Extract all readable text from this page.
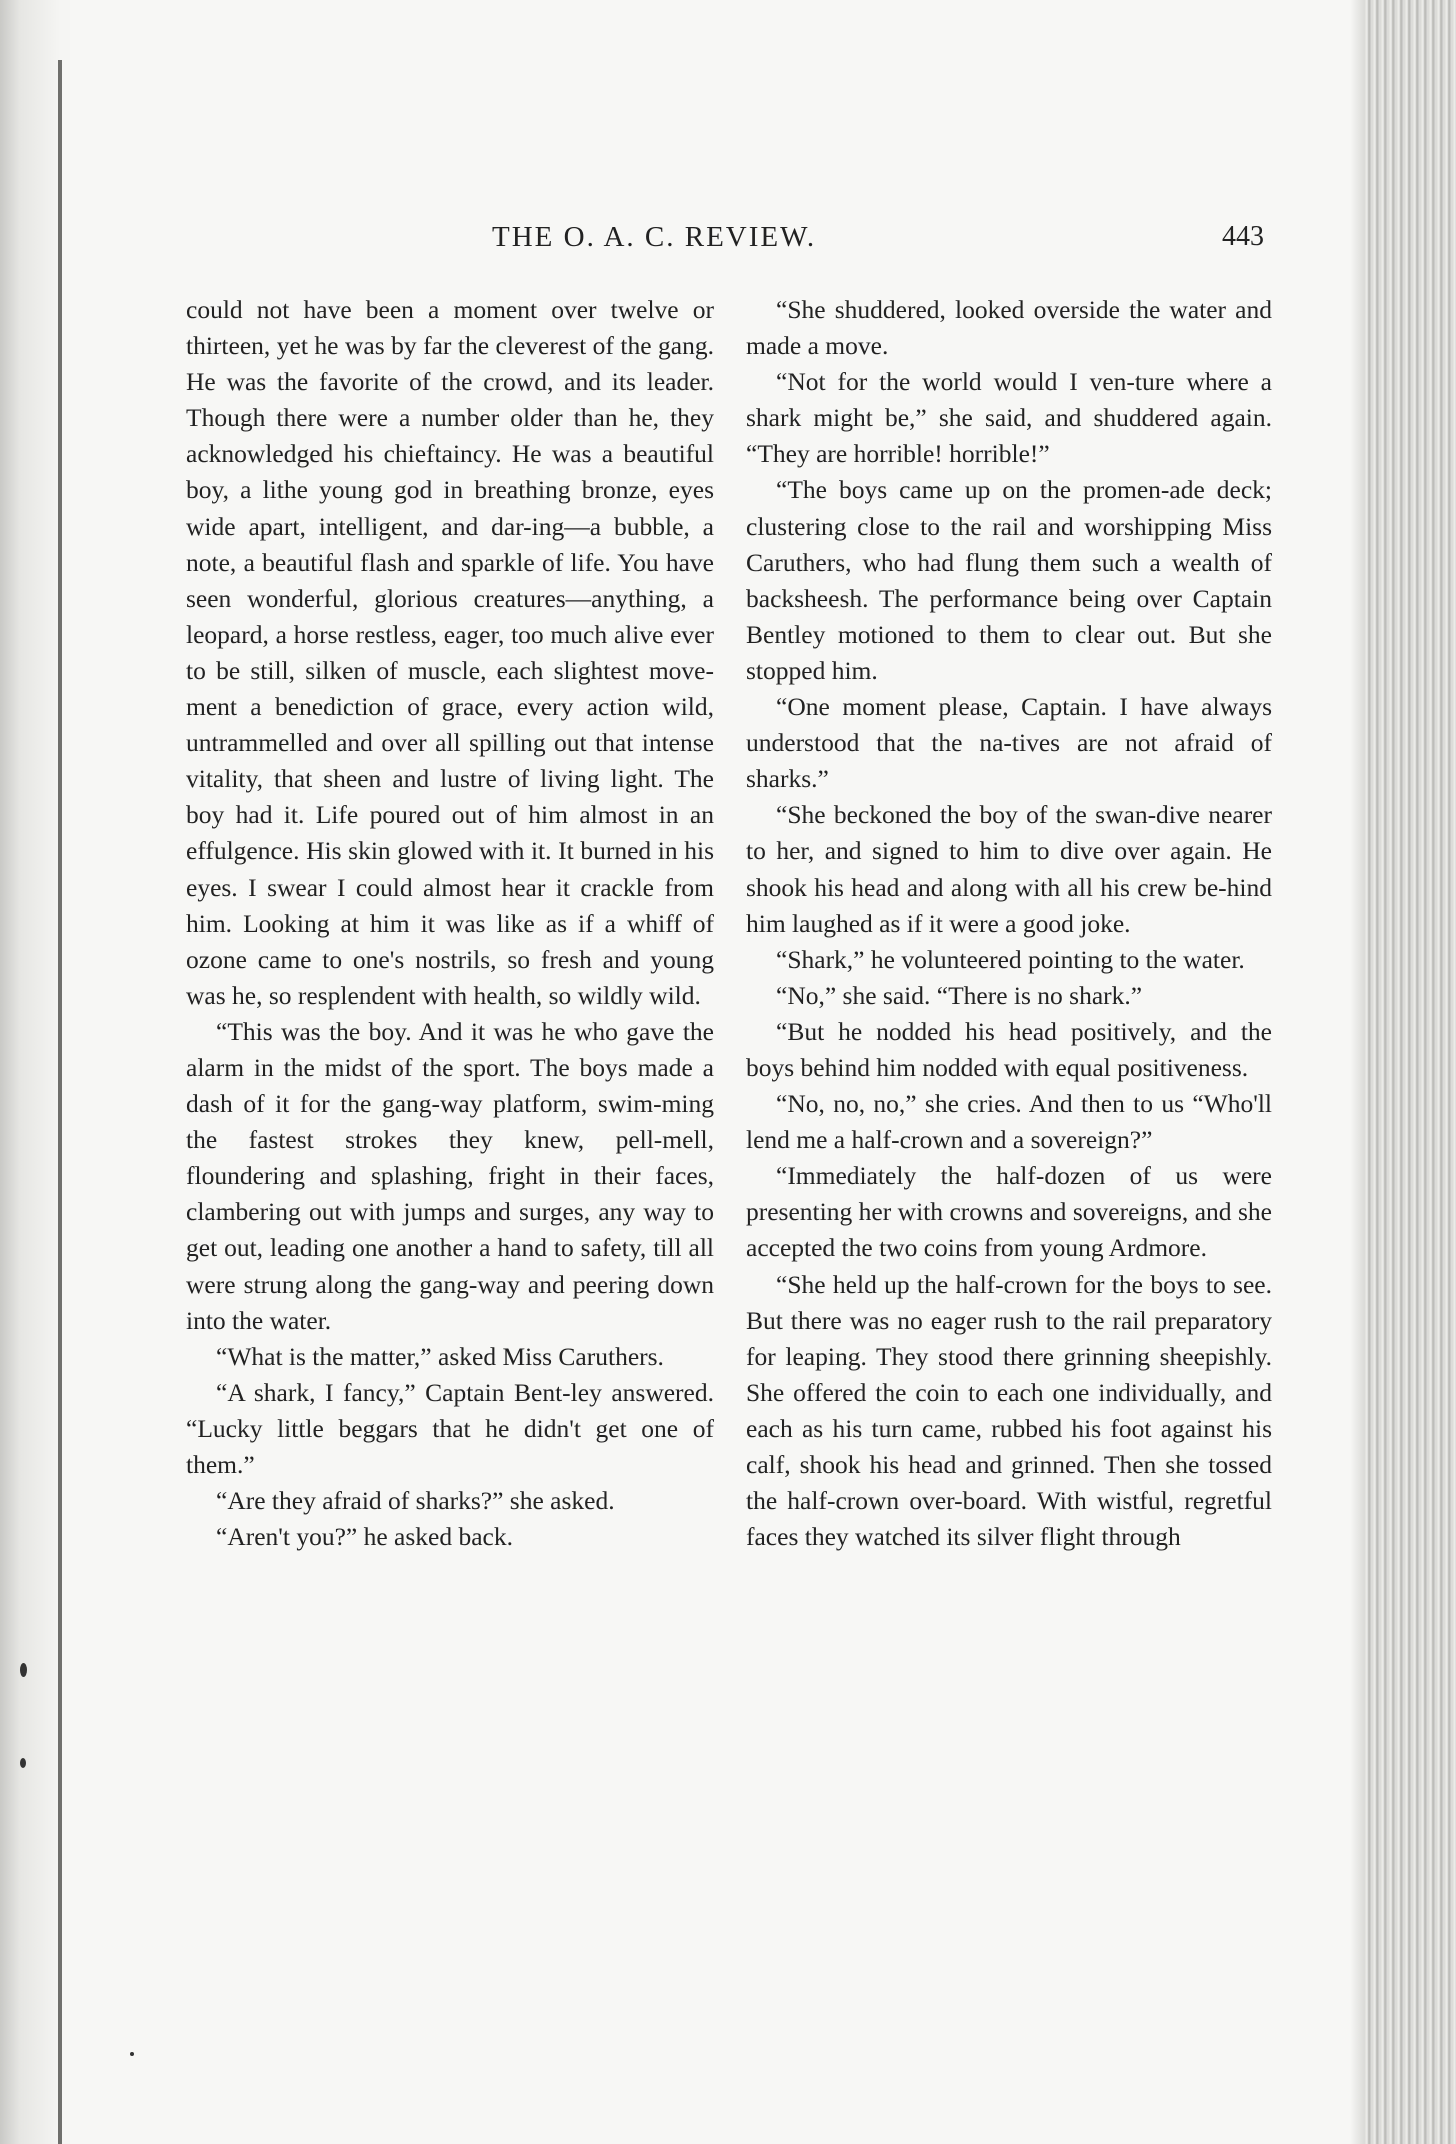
THE O. A. C. REVIEW.	443

could not have been a moment over twelve or thirteen, yet he was by far the cleverest of the gang. He was the favorite of the crowd, and its leader. Though there were a number older than he, they acknowledged his chieftaincy. He was a beautiful boy, a lithe young god in breathing bronze, eyes wide apart, intelligent, and dar-ing—a bubble, a note, a beautiful flash and sparkle of life. You have seen wonderful, glorious creatures—anything, a leopard, a horse restless, eager, too much alive ever to be still, silken of muscle, each slightest move-ment a benediction of grace, every action wild, untrammelled and over all spilling out that intense vitality, that sheen and lustre of living light. The boy had it. Life poured out of him almost in an effulgence. His skin glowed with it. It burned in his eyes. I swear I could almost hear it crackle from him. Looking at him it was like as if a whiff of ozone came to one's nostrils, so fresh and young was he, so resplendent with health, so wildly wild.

“This was the boy. And it was he who gave the alarm in the midst of the sport. The boys made a dash of it for the gang-way platform, swim-ming the fastest strokes they knew, pell-mell, floundering and splashing, fright in their faces, clambering out with jumps and surges, any way to get out, leading one another a hand to safety, till all were strung along the gang-way and peering down into the water.

“What is the matter,” asked Miss Caruthers.

“A shark, I fancy,” Captain Bent-ley answered. “Lucky little beggars that he didn't get one of them.”

“Are they afraid of sharks?” she asked.

“Aren't you?” he asked back.

“She shuddered, looked overside the water and made a move.

“Not for the world would I ven-ture where a shark might be,” she said, and shuddered again. “They are horrible! horrible!”

“The boys came up on the promen-ade deck; clustering close to the rail and worshipping Miss Caruthers, who had flung them such a wealth of backsheesh. The performance being over Captain Bentley motioned to them to clear out. But she stopped him.

“One moment please, Captain. I have always understood that the na-tives are not afraid of sharks.”

“She beckoned the boy of the swan-dive nearer to her, and signed to him to dive over again. He shook his head and along with all his crew be-hind him laughed as if it were a good joke.

“Shark,” he volunteered pointing to the water.

“No,” she said. “There is no shark.”

“But he nodded his head positively, and the boys behind him nodded with equal positiveness.

“No, no, no,” she cries. And then to us “Who'll lend me a half-crown and a sovereign?”

“Immediately the half-dozen of us were presenting her with crowns and sovereigns, and she accepted the two coins from young Ardmore.

“She held up the half-crown for the boys to see. But there was no eager rush to the rail preparatory for leaping. They stood there grinning sheepishly. She offered the coin to each one individually, and each as his turn came, rubbed his foot against his calf, shook his head and grinned. Then she tossed the half-crown over-board. With wistful, regretful faces they watched its silver flight through
